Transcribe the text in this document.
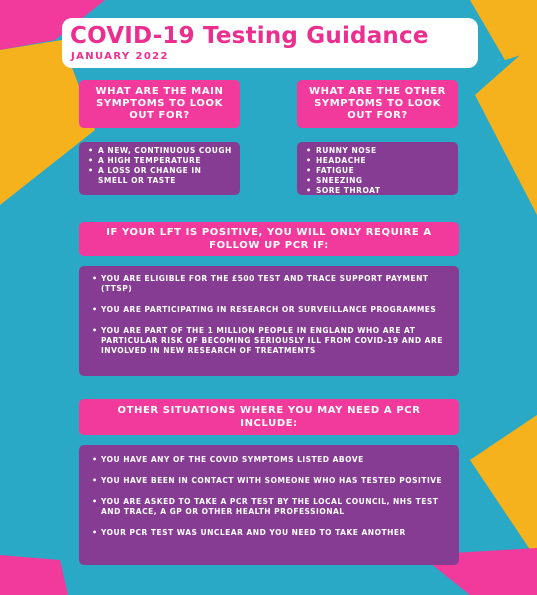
COVID-19 Testing Guidance
JANUARY 2022
WHAT ARE THE MAIN SYMPTOMS TO LOOK OUT FOR?
• A NEW, CONTINUOUS COUGH
• A HIGH TEMPERATURE
• A LOSS OR CHANGE IN SMELL OR TASTE
WHAT ARE THE OTHER SYMPTOMS TO LOOK OUT FOR?
• RUNNY NOSE
• HEADACHE
• FATIGUE
• SNEEZING
• SORE THROAT
IF YOUR LFT IS POSITIVE, YOU WILL ONLY REQUIRE A FOLLOW UP PCR IF:
• YOU ARE ELIGIBLE FOR THE £500 TEST AND TRACE SUPPORT PAYMENT (TTSP)
• YOU ARE PARTICIPATING IN RESEARCH OR SURVEILLANCE PROGRAMMES
• YOU ARE PART OF THE 1 MILLION PEOPLE IN ENGLAND WHO ARE AT PARTICULAR RISK OF BECOMING SERIOUSLY ILL FROM COVID-19 AND ARE INVOLVED IN NEW RESEARCH OF TREATMENTS
OTHER SITUATIONS WHERE YOU MAY NEED A PCR INCLUDE:
• YOU HAVE ANY OF THE COVID SYMPTOMS LISTED ABOVE
• YOU HAVE BEEN IN CONTACT WITH SOMEONE WHO HAS TESTED POSITIVE
• YOU ARE ASKED TO TAKE A PCR TEST BY THE LOCAL COUNCIL, NHS TEST AND TRACE, A GP OR OTHER HEALTH PROFESSIONAL
• YOUR PCR TEST WAS UNCLEAR AND YOU NEED TO TAKE ANOTHER
